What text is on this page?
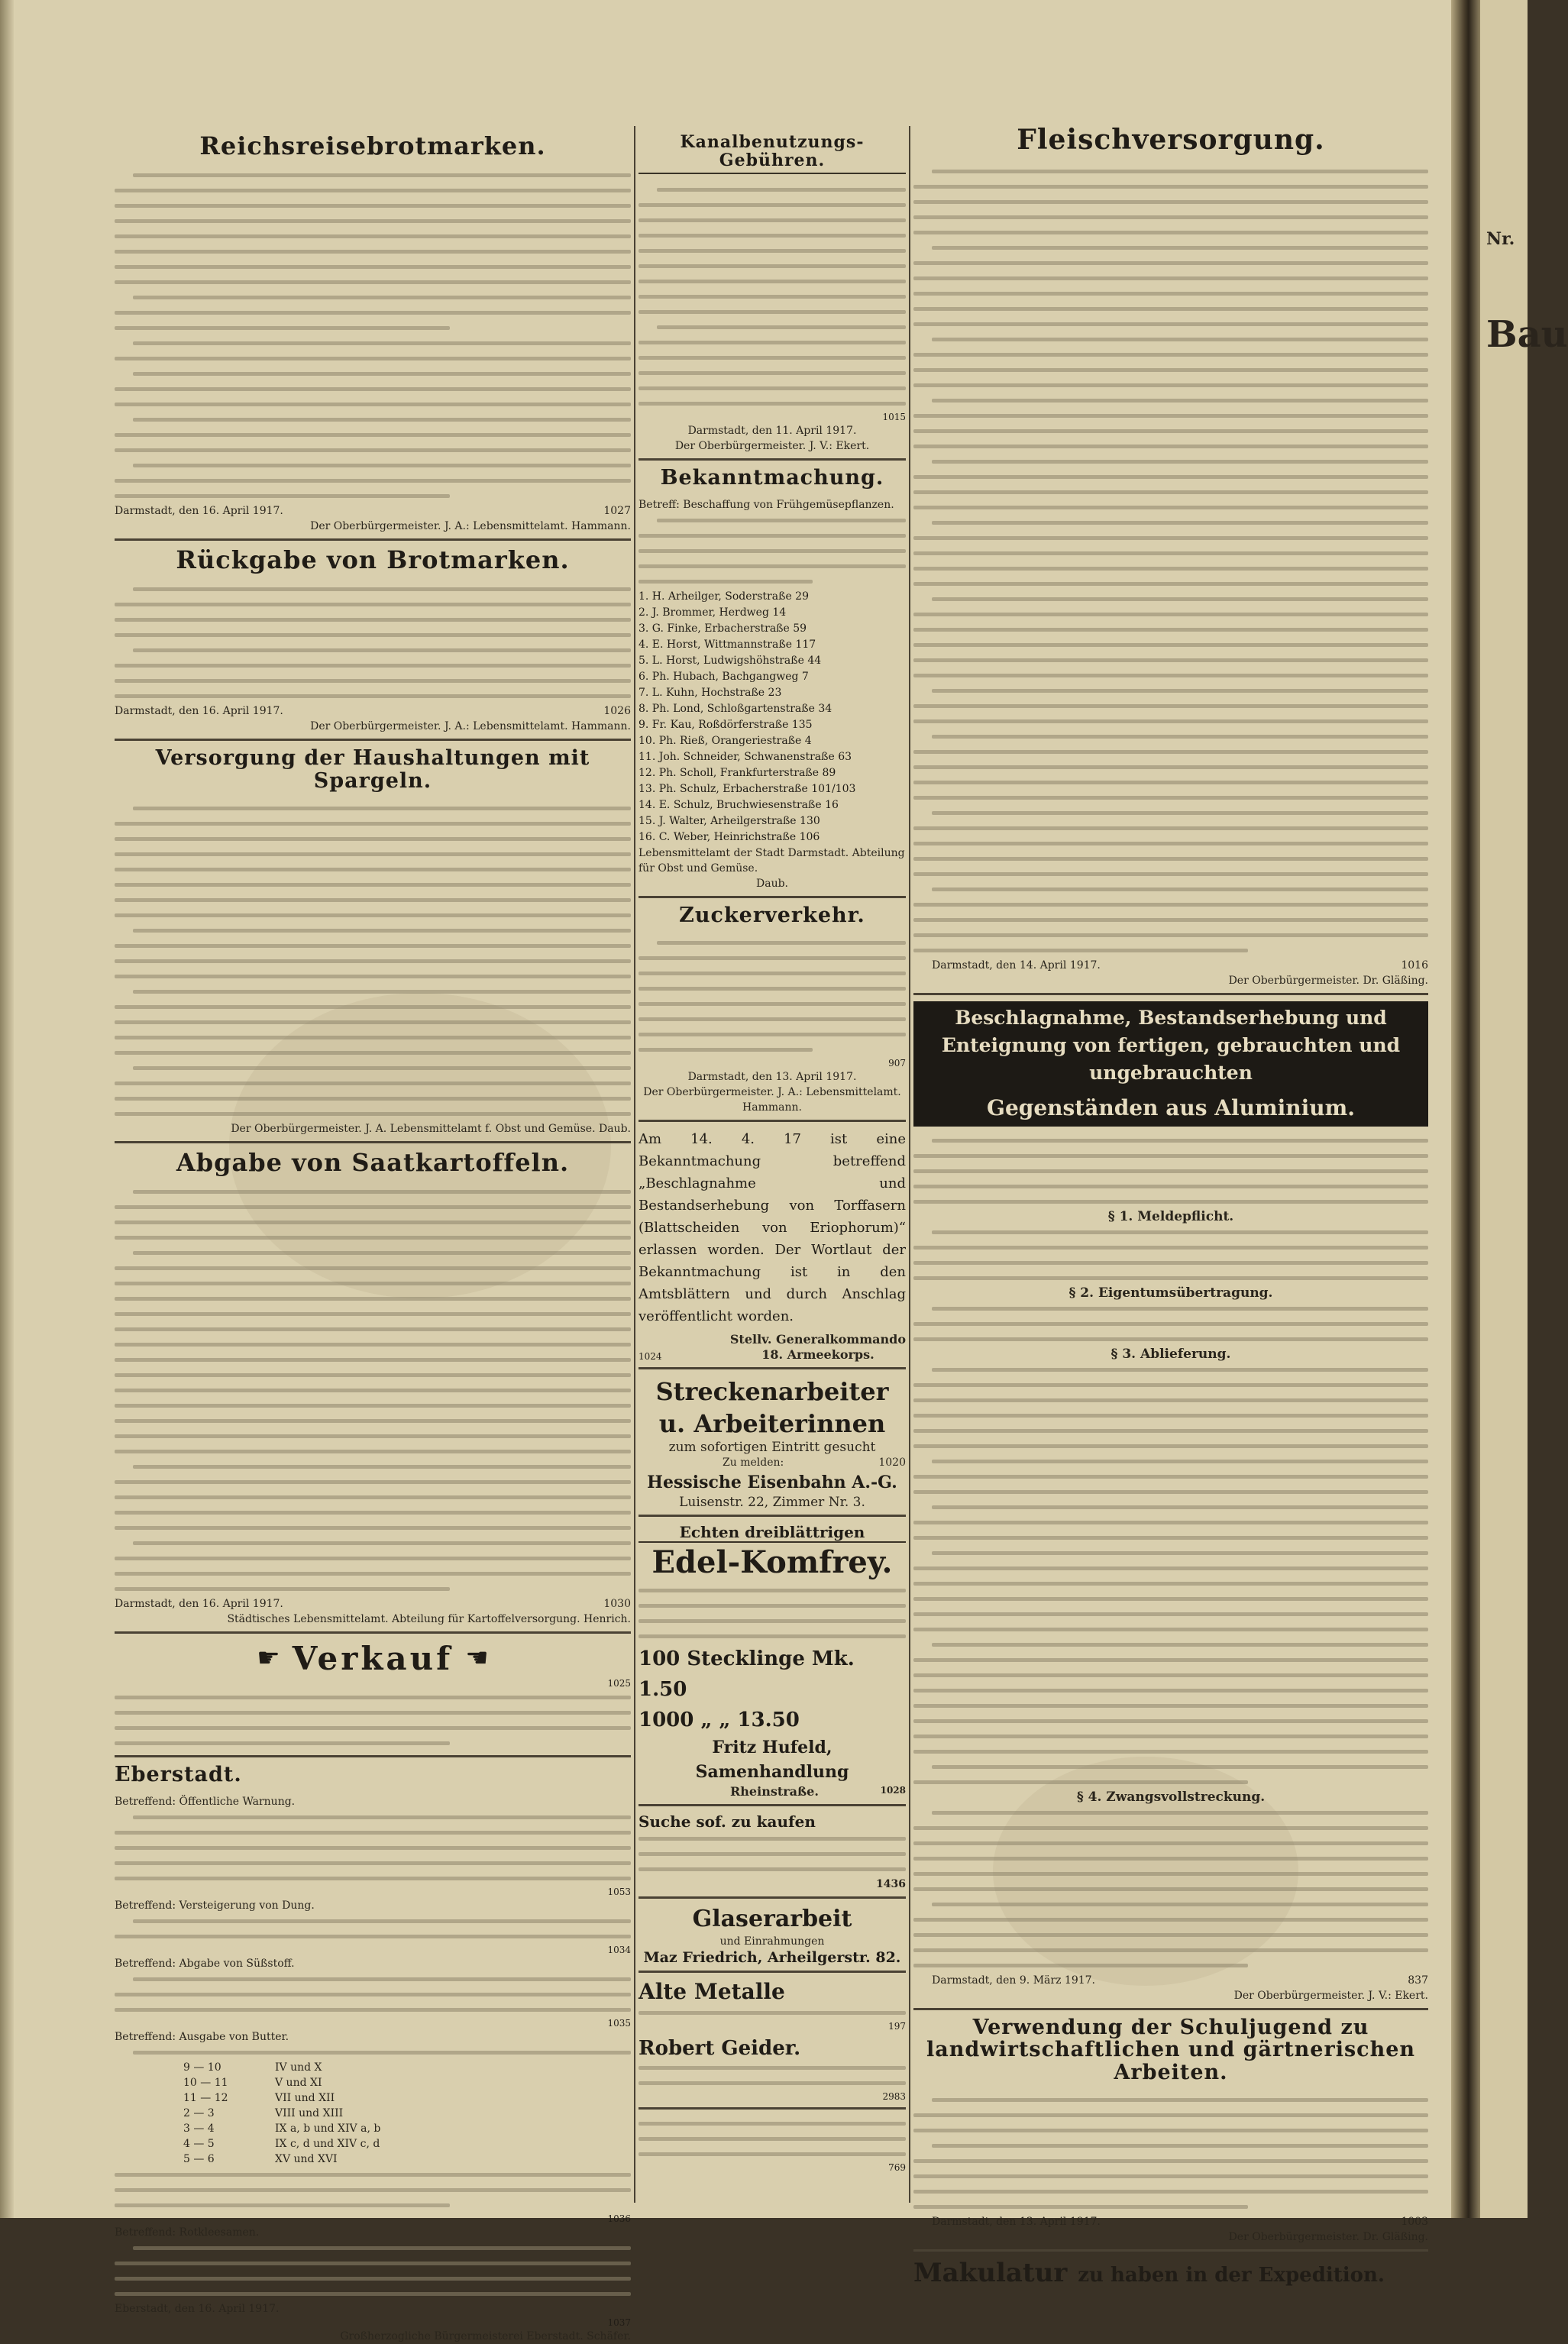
Reichsreisebrotmarken.
Darmstadt, den 16. April 1917.	1027
Der Oberbürgermeister. J. A.: Lebensmittelamt. Hammann.
Rückgabe von Brotmarken.
Darmstadt, den 16. April 1917.	1026
Der Oberbürgermeister. J. A.: Lebensmittelamt. Hammann.
Versorgung der Haushaltungen mit Spargeln.
Der Oberbürgermeister. J. A. Lebensmittelamt f. Obst und Gemüse. Daub.
Abgabe von Saatkartoffeln.
Darmstadt, den 16. April 1917.	1030
Städtisches Lebensmittelamt. Abteilung für Kartoffelversorgung. Henrich.
☛ Verkauf ☚
1025
Eberstadt.
Betreffend: Öffentliche Warnung.
1053
Betreffend: Versteigerung von Dung.
1034
Betreffend: Abgabe von Süßstoff.
1035
Betreffend: Ausgabe von Butter.
9 — 10	IV und X
10 — 11	V und XI
11 — 12	VII und XII
2 — 3	VIII und XIII
3 — 4	IX a, b und XIV a, b
4 — 5	IX c, d und XIV c, d
5 — 6	XV und XVI
1036
Betreffend: Rotkleesamen.
Eberstadt, den 16. April 1917.
1037
Großherzogliche Bürgermeisterei Eberstadt. Schäfer.
Kanalbenutzungs-Gebühren.
1015
Darmstadt, den 11. April 1917.
Der Oberbürgermeister. J. V.: Ekert.
Bekanntmachung.
Betreff: Beschaffung von Frühgemüsepflanzen.
1. H. Arheilger, Soderstraße 29
2. J. Brommer, Herdweg 14
3. G. Finke, Erbacherstraße 59
4. E. Horst, Wittmannstraße 117
5. L. Horst, Ludwigshöhstraße 44
6. Ph. Hubach, Bachgangweg 7
7. L. Kuhn, Hochstraße 23
8. Ph. Lond, Schloßgartenstraße 34
9. Fr. Kau, Roßdörferstraße 135
10. Ph. Rieß, Orangeriestraße 4
11. Joh. Schneider, Schwanenstraße 63
12. Ph. Scholl, Frankfurterstraße 89
13. Ph. Schulz, Erbacherstraße 101/103
14. E. Schulz, Bruchwiesenstraße 16
15. J. Walter, Arheilgerstraße 130
16. C. Weber, Heinrichstraße 106
Lebensmittelamt der Stadt Darmstadt. Abteilung für Obst und Gemüse.
Daub.
Zuckerverkehr.
907
Darmstadt, den 13. April 1917.
Der Oberbürgermeister. J. A.: Lebensmittelamt. Hammann.
Am 14. 4. 17 ist eine Bekanntmachung betreffend „Beschlagnahme und Bestandserhebung von Torffasern (Blattscheiden von Eriophorum)“ erlassen worden. Der Wortlaut der Bekanntmachung ist in den Amtsblättern und durch Anschlag veröffentlicht worden.
1024
Stellv. Generalkommando
18. Armeekorps.
Streckenarbeiter
u. Arbeiterinnen
zum sofortigen Eintritt gesucht
Zu melden:	1020
Hessische Eisenbahn A.-G.
Luisenstr. 22, Zimmer Nr. 3.
Echten dreiblättrigen
Edel-Komfrey.
100 Stecklinge Mk. 1.50
1000 „ „ 13.50
Fritz Hufeld, Samenhandlung
Rheinstraße.	1028
Suche sof. zu kaufen
1436
Glaserarbeit
und Einrahmungen
Maz Friedrich, Arheilgerstr. 82.
Alte Metalle
197
Robert Geider.
2983
769
Fleischversorgung.
Darmstadt, den 14. April 1917.	1016
Der Oberbürgermeister. Dr. Gläßing.
Beschlagnahme, Bestandserhebung und Enteignung von fertigen, gebrauchten und ungebrauchten
Gegenständen aus Aluminium.
§ 1. Meldepflicht.
§ 2. Eigentumsübertragung.
§ 3. Ablieferung.
§ 4. Zwangsvollstreckung.
Darmstadt, den 9. März 1917.	837
Der Oberbürgermeister. J. V.: Ekert.
Verwendung der Schuljugend zu landwirtschaftlichen und gärtnerischen Arbeiten.
Darmstadt, den 13. April 1917.	1003
Der Oberbürgermeister. Dr. Gläßing.
Makulatur zu haben in der Expedition.
Nr.
Bau
